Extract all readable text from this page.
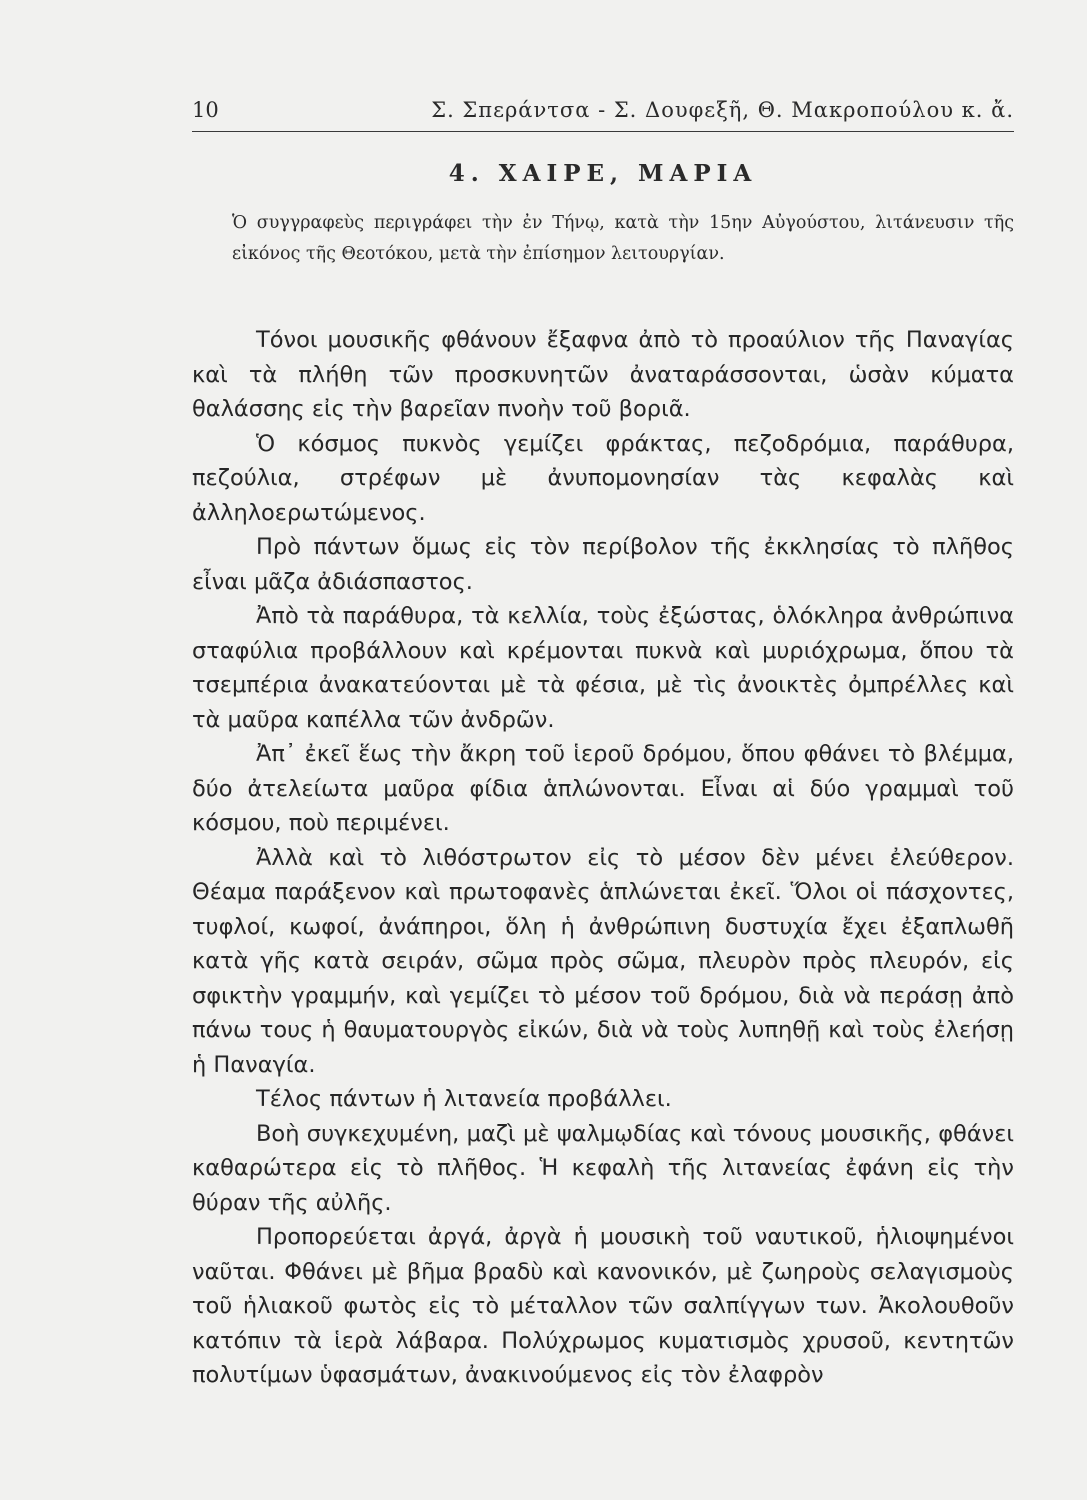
10	Σ. Σπεράντσα - Σ. Δουφεξῆ, Θ. Μακροπούλου κ. ἄ.
4. ΧΑΙΡΕ, ΜΑΡΙΑ

Ὁ συγγραφεὺς περιγράφει τὴν ἐν Τήνῳ, κατὰ τὴν 15ην Αὐγούστου, λιτάνευσιν τῆς εἰκόνος τῆς Θεοτόκου, μετὰ τὴν ἐπίσημον λειτουργίαν.

Τόνοι μουσικῆς φθάνουν ἔξαφνα ἀπὸ τὸ προαύλιον τῆς Παναγίας καὶ τὰ πλήθη τῶν προσκυνητῶν ἀναταράσσονται, ὡσὰν κύματα θαλάσσης εἰς τὴν βαρεῖαν πνοὴν τοῦ βοριᾶ.

Ὁ κόσμος πυκνὸς γεμίζει φράκτας, πεζοδρόμια, παράθυρα, πεζούλια, στρέφων μὲ ἀνυπομονησίαν τὰς κεφαλὰς καὶ ἀλληλοερωτώμενος.

Πρὸ πάντων ὅμως εἰς τὸν περίβολον τῆς ἐκκλησίας τὸ πλῆθος εἶναι μᾶζα ἀδιάσπαστος.

Ἀπὸ τὰ παράθυρα, τὰ κελλία, τοὺς ἐξώστας, ὁλόκληρα ἀνθρώπινα σταφύλια προβάλλουν καὶ κρέμονται πυκνὰ καὶ μυριόχρωμα, ὅπου τὰ τσεμπέρια ἀνακατεύονται μὲ τὰ φέσια, μὲ τὶς ἀνοικτὲς ὀμπρέλλες καὶ τὰ μαῦρα καπέλλα τῶν ἀνδρῶν.

Ἀπ᾽ ἐκεῖ ἕως τὴν ἄκρη τοῦ ἱεροῦ δρόμου, ὅπου φθάνει τὸ βλέμμα, δύο ἀτελείωτα μαῦρα φίδια ἁπλώνονται. Εἶναι αἱ δύο γραμμαὶ τοῦ κόσμου, ποὺ περιμένει.

Ἀλλὰ καὶ τὸ λιθόστρωτον εἰς τὸ μέσον δὲν μένει ἐλεύθερον. Θέαμα παράξενον καὶ πρωτοφανὲς ἁπλώνεται ἐκεῖ. Ὅλοι οἱ πάσχοντες, τυφλοί, κωφοί, ἀνάπηροι, ὅλη ἡ ἀνθρώπινη δυστυχία ἔχει ἐξαπλωθῆ κατὰ γῆς κατὰ σειράν, σῶμα πρὸς σῶμα, πλευρὸν πρὸς πλευρόν, εἰς σφικτὴν γραμμήν, καὶ γεμίζει τὸ μέσον τοῦ δρόμου, διὰ νὰ περάσῃ ἀπὸ πάνω τους ἡ θαυματουργὸς εἰκών, διὰ νὰ τοὺς λυπηθῇ καὶ τοὺς ἐλεήσῃ ἡ Παναγία.

Τέλος πάντων ἡ λιτανεία προβάλλει.

Βοὴ συγκεχυμένη, μαζὶ μὲ ψαλμῳδίας καὶ τόνους μουσικῆς, φθάνει καθαρώτερα εἰς τὸ πλῆθος. Ἡ κεφαλὴ τῆς λιτανείας ἐφάνη εἰς τὴν θύραν τῆς αὐλῆς.

Προπορεύεται ἀργά, ἀργὰ ἡ μουσικὴ τοῦ ναυτικοῦ, ἡλιοψημένοι ναῦται. Φθάνει μὲ βῆμα βραδὺ καὶ κανονικόν, μὲ ζωηροὺς σελαγισμοὺς τοῦ ἡλιακοῦ φωτὸς εἰς τὸ μέταλλον τῶν σαλπίγγων των. Ἀκολουθοῦν κατόπιν τὰ ἱερὰ λάβαρα. Πολύχρωμος κυματισμὸς χρυσοῦ, κεντητῶν πολυτίμων ὑφασμάτων, ἀνακινούμενος εἰς τὸν ἐλαφρὸν
